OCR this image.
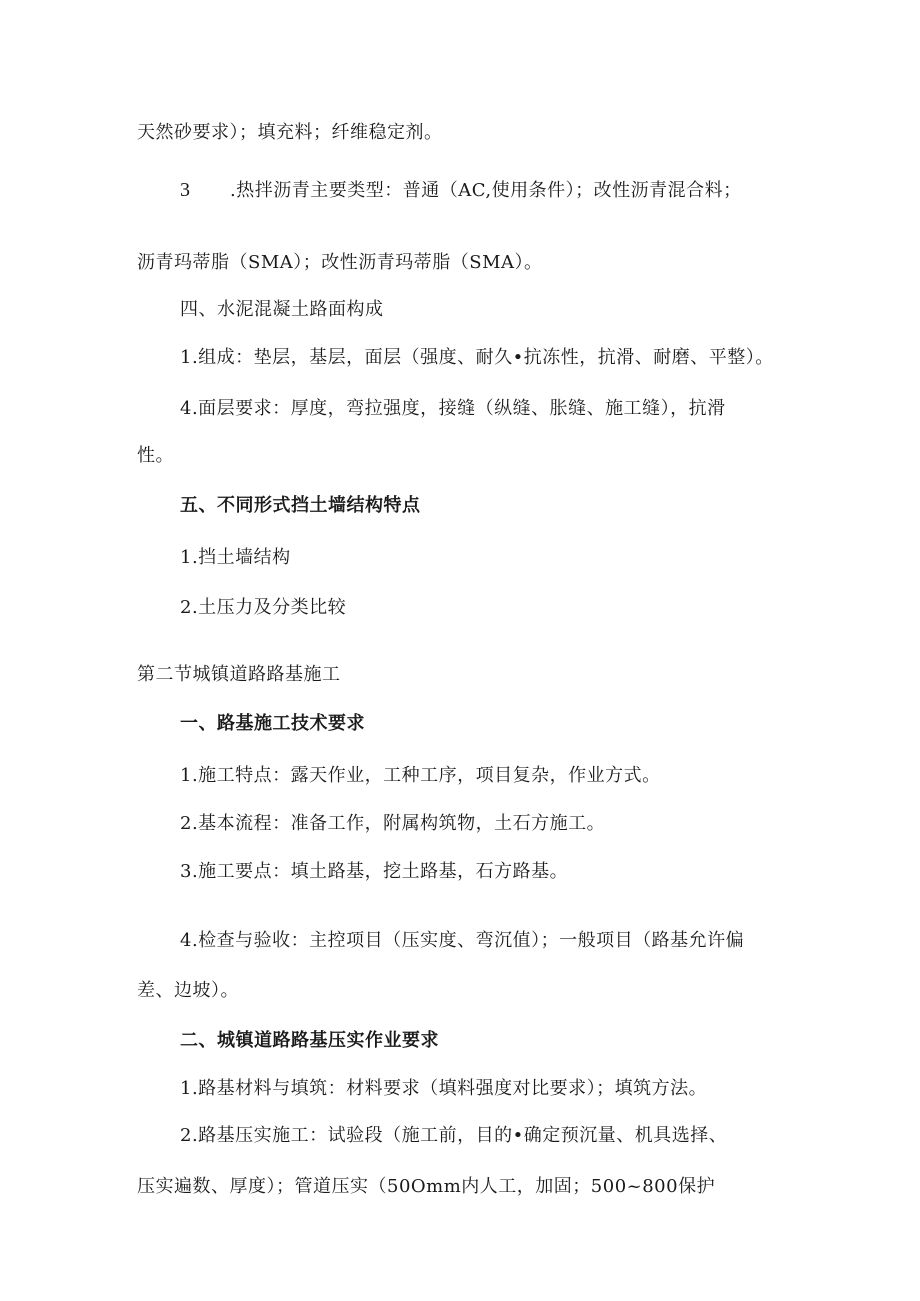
天然砂要求）；填充料；纤维稳定剂。
3 .热拌沥青主要类型：普通（AC,使用条件）；改性沥青混合料；
沥青玛蒂脂（SMA）；改性沥青玛蒂脂（SMA）。
四、水泥混凝土路面构成
1.组成：垫层，基层，面层（强度、耐久•抗冻性，抗滑、耐磨、平整）。
4.面层要求：厚度，弯拉强度，接缝（纵缝、胀缝、施工缝），抗滑
性。
五、不同形式挡土墙结构特点
1.挡土墙结构
2.土压力及分类比较
第二节城镇道路路基施工
一、路基施工技术要求
1.施工特点：露天作业，工种工序，项目复杂，作业方式。
2.基本流程：准备工作，附属构筑物，土石方施工。
3.施工要点：填土路基，挖土路基，石方路基。
4.检查与验收：主控项目（压实度、弯沉值）；一般项目（路基允许偏
差、边坡）。
二、城镇道路路基压实作业要求
1.路基材料与填筑：材料要求（填料强度对比要求）；填筑方法。
2.路基压实施工：试验段（施工前，目的•确定预沉量、机具选择、
压实遍数、厚度）；管道压实（50Omm内人工，加固；500~800保护
